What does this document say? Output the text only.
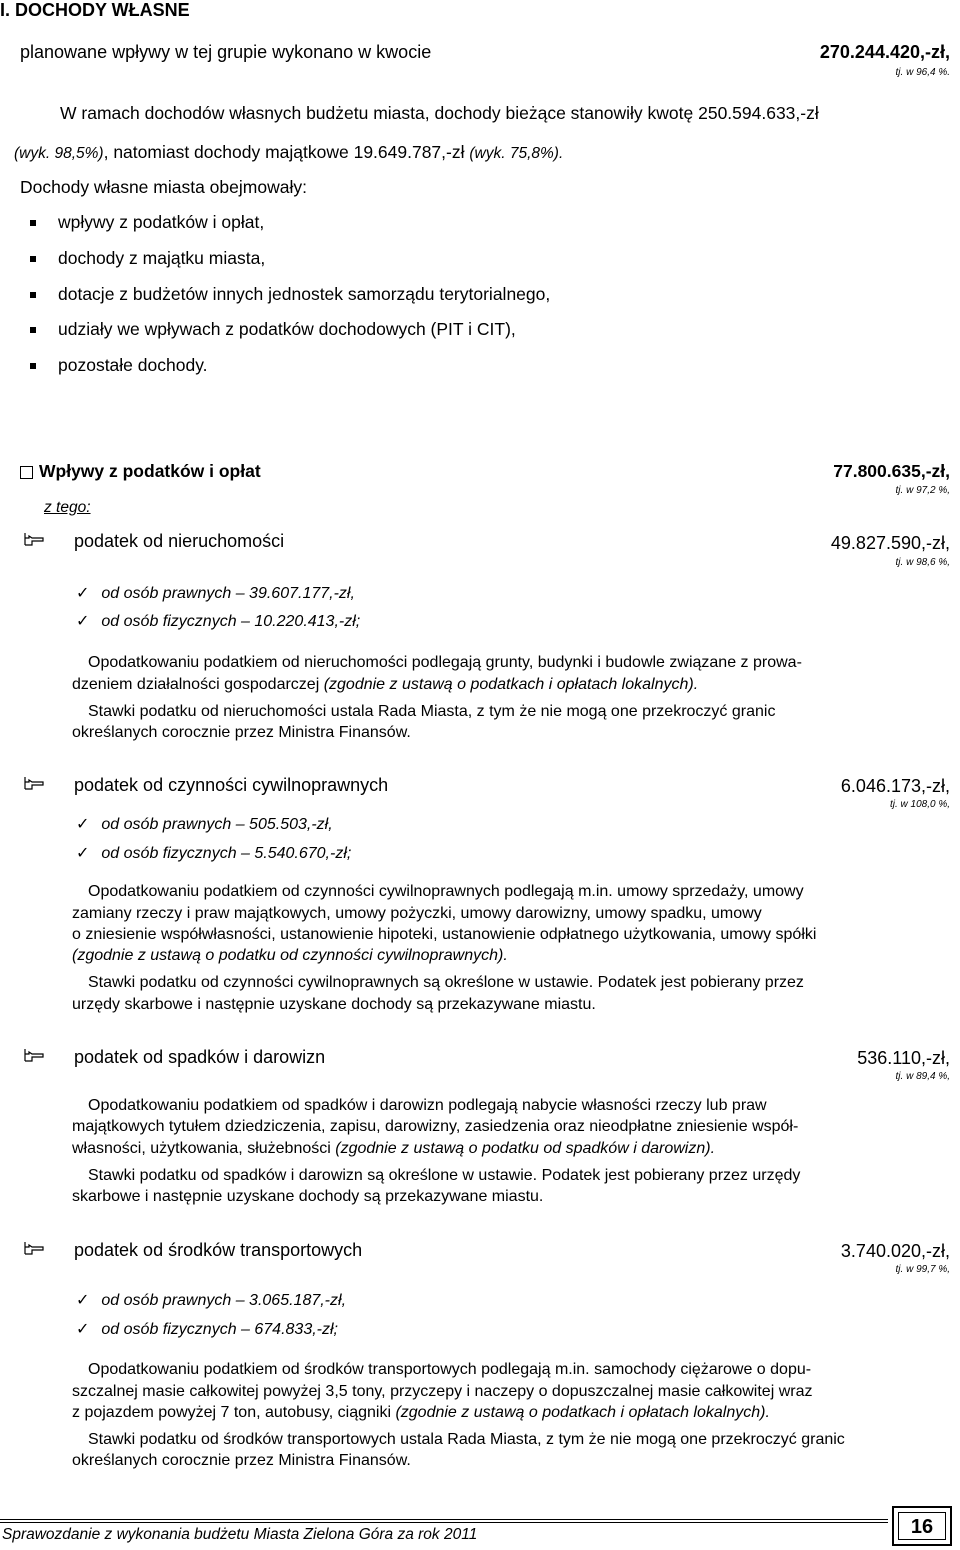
I. DOCHODY WŁASNE
planowane wpływy w tej grupie wykonano w kwocie	270.244.420,-zł,
tj. w 96,4 %.
W ramach dochodów własnych budżetu miasta, dochody bieżące stanowiły kwotę 250.594.633,-zł
(wyk. 98,5%), natomiast dochody majątkowe 19.649.787,-zł (wyk. 75,8%).
Dochody własne miasta obejmowały:
wpływy z podatków i opłat,
dochody z majątku miasta,
dotacje z budżetów innych jednostek samorządu terytorialnego,
udziały we wpływach z podatków dochodowych (PIT i CIT),
pozostałe dochody.
Wpływy z podatków i opłat	77.800.635,-zł,
tj. w 97,2 %,
z tego:
podatek od nieruchomości	49.827.590,-zł,
tj. w 98,6 %,
✓ od osób prawnych – 39.607.177,-zł,
✓ od osób fizycznych – 10.220.413,-zł;
Opodatkowaniu podatkiem od nieruchomości podlegają grunty, budynki i budowle związane z prowa-
dzeniem działalności gospodarczej (zgodnie z ustawą o podatkach i opłatach lokalnych).
Stawki podatku od nieruchomości ustala Rada Miasta, z tym że nie mogą one przekroczyć granic
określanych corocznie przez Ministra Finansów.
podatek od czynności cywilnoprawnych	6.046.173,-zł,
tj. w 108,0 %,
✓ od osób prawnych – 505.503,-zł,
✓ od osób fizycznych – 5.540.670,-zł;
Opodatkowaniu podatkiem od czynności cywilnoprawnych podlegają m.in. umowy sprzedaży, umowy
zamiany rzeczy i praw majątkowych, umowy pożyczki, umowy darowizny, umowy spadku, umowy
o zniesienie współwłasności, ustanowienie hipoteki, ustanowienie odpłatnego użytkowania, umowy spółki
(zgodnie z ustawą o podatku od czynności cywilnoprawnych).
Stawki podatku od czynności cywilnoprawnych są określone w ustawie. Podatek jest pobierany przez
urzędy skarbowe i następnie uzyskane dochody są przekazywane miastu.
podatek od spadków i darowizn	536.110,-zł,
tj. w 89,4 %,
Opodatkowaniu podatkiem od spadków i darowizn podlegają nabycie własności rzeczy lub praw
majątkowych tytułem dziedziczenia, zapisu, darowizny, zasiedzenia oraz nieodpłatne zniesienie współ-
własności, użytkowania, służebności (zgodnie z ustawą o podatku od spadków i darowizn).
Stawki podatku od spadków i darowizn są określone w ustawie. Podatek jest pobierany przez urzędy
skarbowe i następnie uzyskane dochody są przekazywane miastu.
podatek od środków transportowych	3.740.020,-zł,
tj. w 99,7 %,
✓ od osób prawnych – 3.065.187,-zł,
✓ od osób fizycznych – 674.833,-zł;
Opodatkowaniu podatkiem od środków transportowych podlegają m.in. samochody ciężarowe o dopu-
szczalnej masie całkowitej powyżej 3,5 tony, przyczepy i naczepy o dopuszczalnej masie całkowitej wraz
z pojazdem powyżej 7 ton, autobusy, ciągniki (zgodnie z ustawą o podatkach i opłatach lokalnych).
Stawki podatku od środków transportowych ustala Rada Miasta, z tym że nie mogą one przekroczyć granic
określanych corocznie przez Ministra Finansów.
Sprawozdanie z wykonania budżetu Miasta Zielona Góra za rok 2011	16
